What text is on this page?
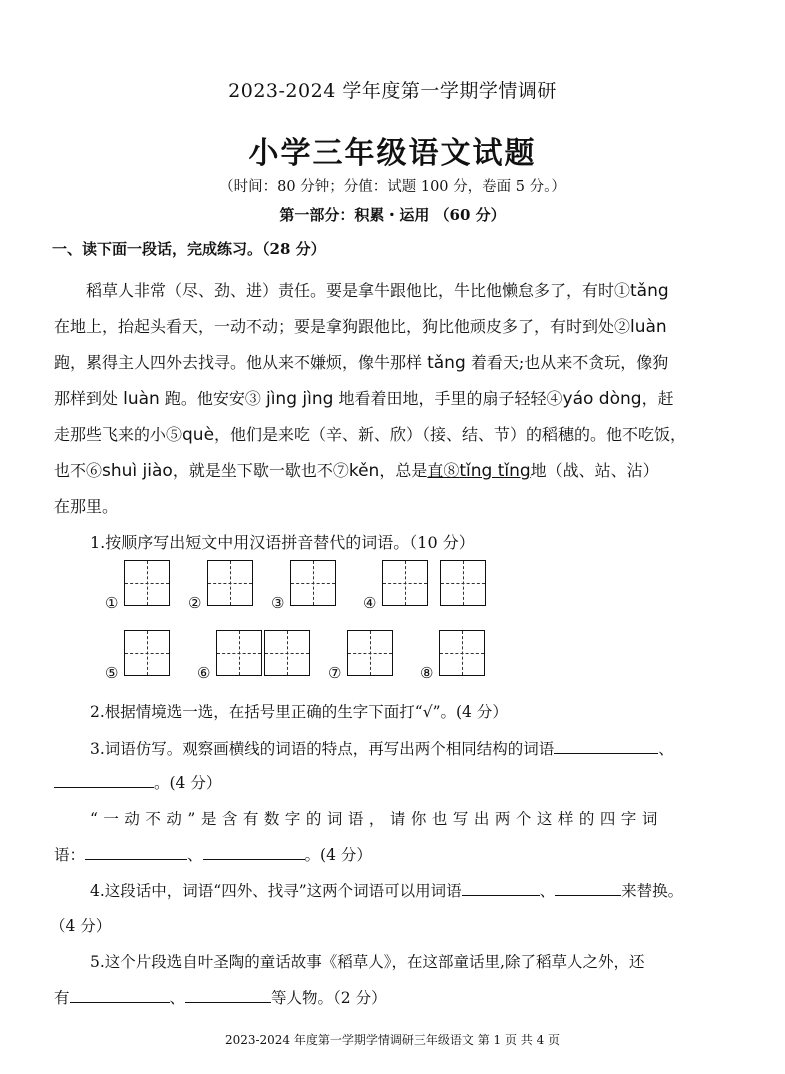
2023-2024 学年度第一学期学情调研
小学三年级语文试题
（时间：80 分钟；分值：试题 100 分，卷面 5 分。）
第一部分：积累・运用 （60 分）
一、读下面一段话，完成练习。（28 分）
稻草人非常（尽、劲、进）责任。要是拿牛跟他比，牛比他懒怠多了，有时①tǎng
在地上，抬起头看天，一动不动；要是拿狗跟他比，狗比他顽皮多了，有时到处②luàn
跑，累得主人四外去找寻。他从来不嫌烦，像牛那样 tǎng 着看天;也从来不贪玩，像狗
那样到处 luàn 跑。他安安③ jìng jìng 地看着田地，手里的扇子轻轻④yáo dòng，赶
走那些飞来的小⑤què，他们是来吃（辛、新、欣）（接、结、节）的稻穗的。他不吃饭，
也不⑥shuì jiào，就是坐下歇一歇也不⑦kěn，总是直⑧tǐng tǐng地（战、站、沾）
在那里。
1.按顺序写出短文中用汉语拼音替代的词语。（10 分）
①	②	③	④
⑤	⑥	⑦	⑧
2.根据情境选一选，在括号里正确的生字下面打“√”。(4 分）
3.词语仿写。观察画横线的词语的特点，再写出两个相同结构的词语	、
。(4 分）
“一动不动”是含有数字的词语，请你也写出两个这样的四字词
语：	、	。(4 分）
4.这段话中，词语“四外、找寻”这两个词语可以用词语	、	来替换。
（4 分）
5.这个片段选自叶圣陶的童话故事《稻草人》，在这部童话里,除了稻草人之外，还
有	、	等人物。（2 分）
2023-2024 年度第一学期学情调研三年级语文 第 1 页 共 4 页
